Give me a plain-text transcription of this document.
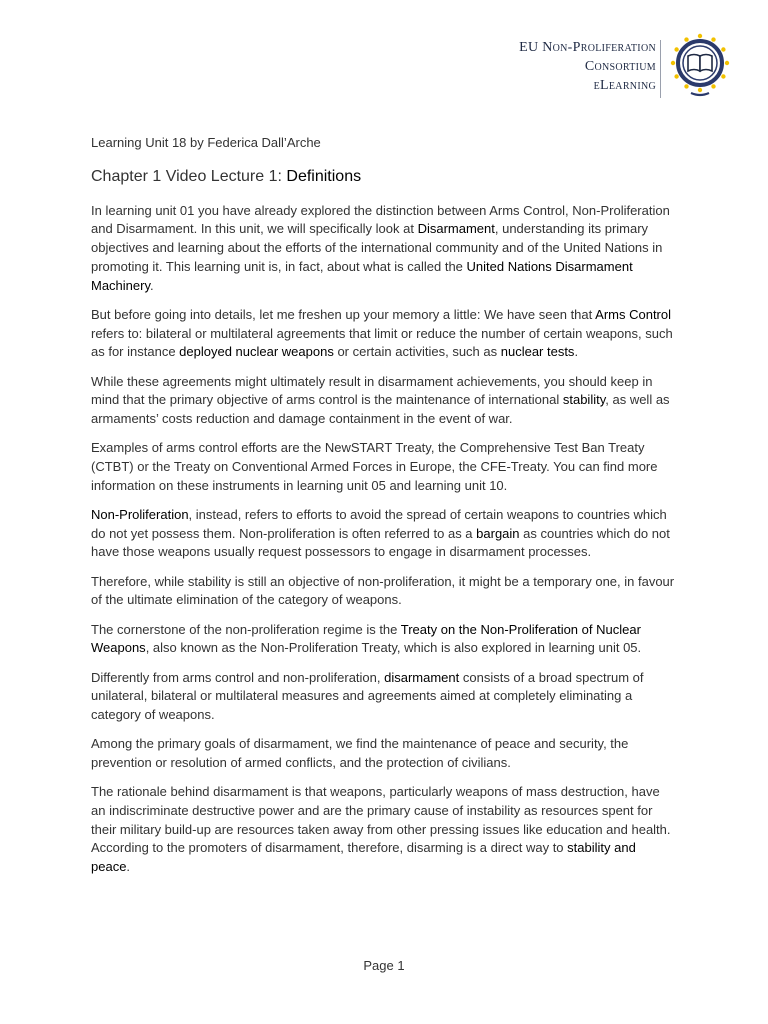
EU Non-Proliferation
Consortium
eLearning
Learning Unit 18 by Federica Dall’Arche
Chapter 1 Video Lecture 1: Definitions

In learning unit 01 you have already explored the distinction between Arms Control, Non-Proliferation and Disarmament. In this unit, we will specifically look at Disarmament, understanding its primary objectives and learning about the efforts of the international community and of the United Nations in promoting it. This learning unit is, in fact, about what is called the United Nations Disarmament Machinery.

But before going into details, let me freshen up your memory a little: We have seen that Arms Control refers to: bilateral or multilateral agreements that limit or reduce the number of certain weapons, such as for instance deployed nuclear weapons or certain activities, such as nuclear tests.

While these agreements might ultimately result in disarmament achievements, you should keep in mind that the primary objective of arms control is the maintenance of international stability, as well as armaments’ costs reduction and damage containment in the event of war.

Examples of arms control efforts are the NewSTART Treaty, the Comprehensive Test Ban Treaty (CTBT) or the Treaty on Conventional Armed Forces in Europe, the CFE-Treaty. You can find more information on these instruments in learning unit 05 and learning unit 10.

Non-Proliferation, instead, refers to efforts to avoid the spread of certain weapons to countries which do not yet possess them. Non-proliferation is often referred to as a bargain as countries which do not have those weapons usually request possessors to engage in disarmament processes.

Therefore, while stability is still an objective of non-proliferation, it might be a temporary one, in favour of the ultimate elimination of the category of weapons.

The cornerstone of the non-proliferation regime is the Treaty on the Non-Proliferation of Nuclear Weapons, also known as the Non-Proliferation Treaty, which is also explored in learning unit 05.

Differently from arms control and non-proliferation, disarmament consists of a broad spectrum of unilateral, bilateral or multilateral measures and agreements aimed at completely eliminating a category of weapons.

Among the primary goals of disarmament, we find the maintenance of peace and security, the prevention or resolution of armed conflicts, and the protection of civilians.

The rationale behind disarmament is that weapons, particularly weapons of mass destruction, have an indiscriminate destructive power and are the primary cause of instability as resources spent for their military build-up are resources taken away from other pressing issues like education and health. According to the promoters of disarmament, therefore, disarming is a direct way to stability and peace.

Page 1
